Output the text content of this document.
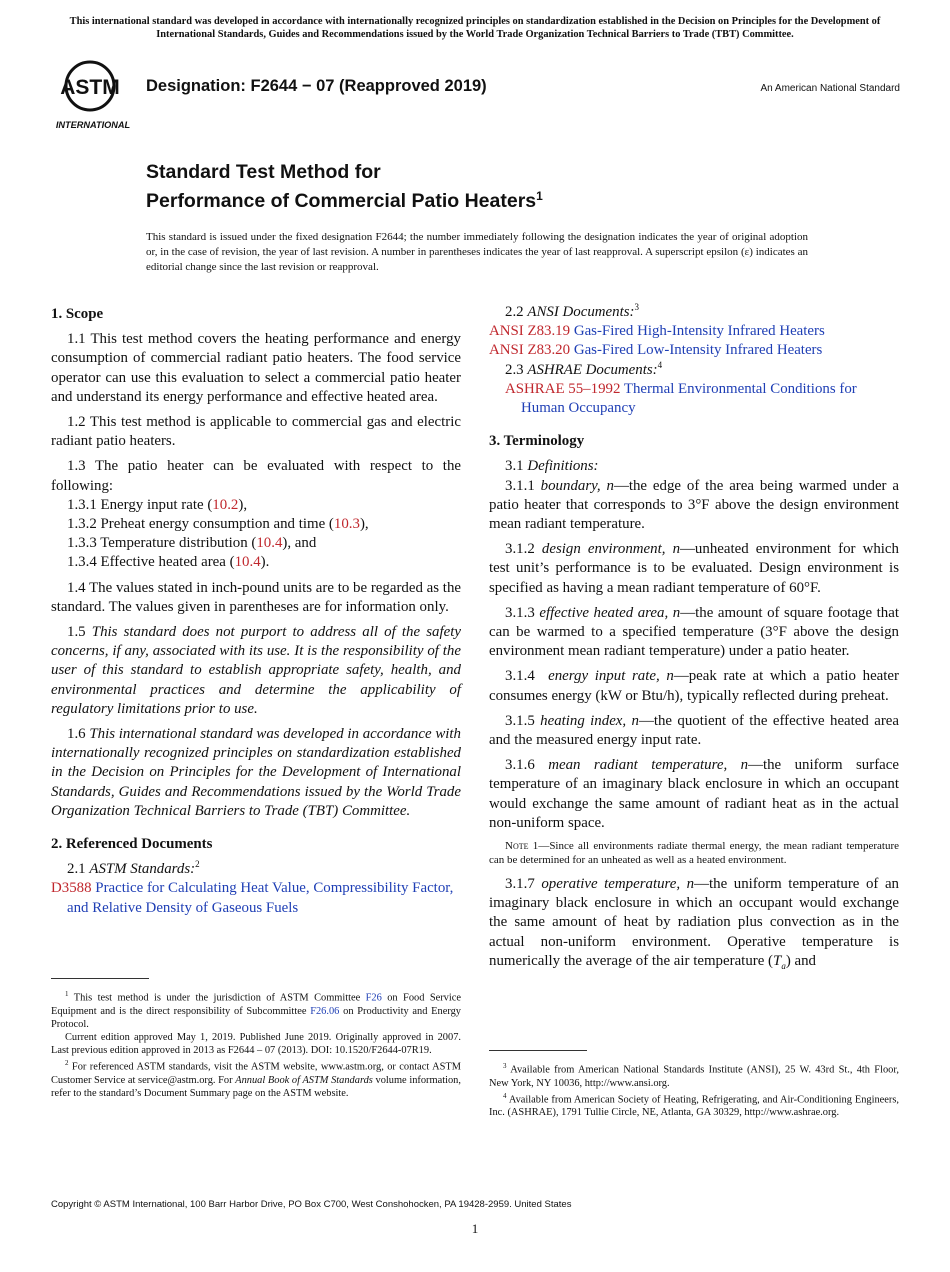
This international standard was developed in accordance with internationally recognized principles on standardization established in the Decision on Principles for the Development of International Standards, Guides and Recommendations issued by the World Trade Organization Technical Barriers to Trade (TBT) Committee.
ASTM
INTERNATIONAL
Designation: F2644 − 07 (Reapproved 2019)	An American National Standard
Standard Test Method for
Performance of Commercial Patio Heaters$^1$
This standard is issued under the fixed designation F2644; the number immediately following the designation indicates the year of original adoption or, in the case of revision, the year of last revision. A number in parentheses indicates the year of last reapproval. A superscript epsilon (ε) indicates an editorial change since the last revision or reapproval.
1. Scope

1.1 This test method covers the heating performance and energy consumption of commercial radiant patio heaters. The food service operator can use this evaluation to select a commercial patio heater and understand its energy performance and effective heated area.

1.2 This test method is applicable to commercial gas and electric radiant patio heaters.

1.3 The patio heater can be evaluated with respect to the following:

1.3.1 Energy input rate (10.2),
1.3.2 Preheat energy consumption and time (10.3),
1.3.3 Temperature distribution (10.4), and
1.3.4 Effective heated area (10.4).

1.4 The values stated in inch-pound units are to be regarded as the standard. The values given in parentheses are for information only.

1.5 This standard does not purport to address all of the safety concerns, if any, associated with its use. It is the responsibility of the user of this standard to establish appropriate safety, health, and environmental practices and determine the applicability of regulatory limitations prior to use.

1.6 This international standard was developed in accordance with internationally recognized principles on standardization established in the Decision on Principles for the Development of International Standards, Guides and Recommendations issued by the World Trade Organization Technical Barriers to Trade (TBT) Committee.

2. Referenced Documents
2.1 ASTM Standards:$^2$
D3588 Practice for Calculating Heat Value, Compressibility Factor, and Relative Density of Gaseous Fuels

$^1$ This test method is under the jurisdiction of ASTM Committee F26 on Food Service Equipment and is the direct responsibility of Subcommittee F26.06 on Productivity and Energy Protocol.

Current edition approved May 1, 2019. Published June 2019. Originally approved in 2007. Last previous edition approved in 2013 as F2644 – 07 (2013). DOI: 10.1520/F2644-07R19.

$^2$ For referenced ASTM standards, visit the ASTM website, www.astm.org, or contact ASTM Customer Service at service@astm.org. For Annual Book of ASTM Standards volume information, refer to the standard’s Document Summary page on the ASTM website.

2.2 ANSI Documents:$^3$
ANSI Z83.19 Gas-Fired High-Intensity Infrared Heaters
ANSI Z83.20 Gas-Fired Low-Intensity Infrared Heaters
2.3 ASHRAE Documents:$^4$
ASHRAE 55–1992 Thermal Environmental Conditions for Human Occupancy
3. Terminology
3.1 Definitions:

3.1.1 boundary, n—the edge of the area being warmed under a patio heater that corresponds to 3°F above the design environment mean radiant temperature.

3.1.2 design environment, n—unheated environment for which test unit’s performance is to be evaluated. Design environment is specified as having a mean radiant temperature of 60°F.

3.1.3 effective heated area, n—the amount of square footage that can be warmed to a specified temperature (3°F above the design environment mean radiant temperature) under a patio heater.

3.1.4 energy input rate, n—peak rate at which a patio heater consumes energy (kW or Btu/h), typically reflected during preheat.

3.1.5 heating index, n—the quotient of the effective heated area and the measured energy input rate.

3.1.6 mean radiant temperature, n—the uniform surface temperature of an imaginary black enclosure in which an occupant would exchange the same amount of radiant heat as in the actual non-uniform space.

Note 1—Since all environments radiate thermal energy, the mean radiant temperature can be determined for an unheated as well as a heated environment.

3.1.7 operative temperature, n—the uniform temperature of an imaginary black enclosure in which an occupant would exchange the same amount of heat by radiation plus convection as in the actual non-uniform environment. Operative temperature is numerically the average of the air temperature $(T_a)$ and

$^3$ Available from American National Standards Institute (ANSI), 25 W. 43rd St., 4th Floor, New York, NY 10036, http://www.ansi.org.

$^4$ Available from American Society of Heating, Refrigerating, and Air-Conditioning Engineers, Inc. (ASHRAE), 1791 Tullie Circle, NE, Atlanta, GA 30329, http://www.ashrae.org.

Copyright © ASTM International, 100 Barr Harbor Drive, PO Box C700, West Conshohocken, PA 19428-2959. United States
1
